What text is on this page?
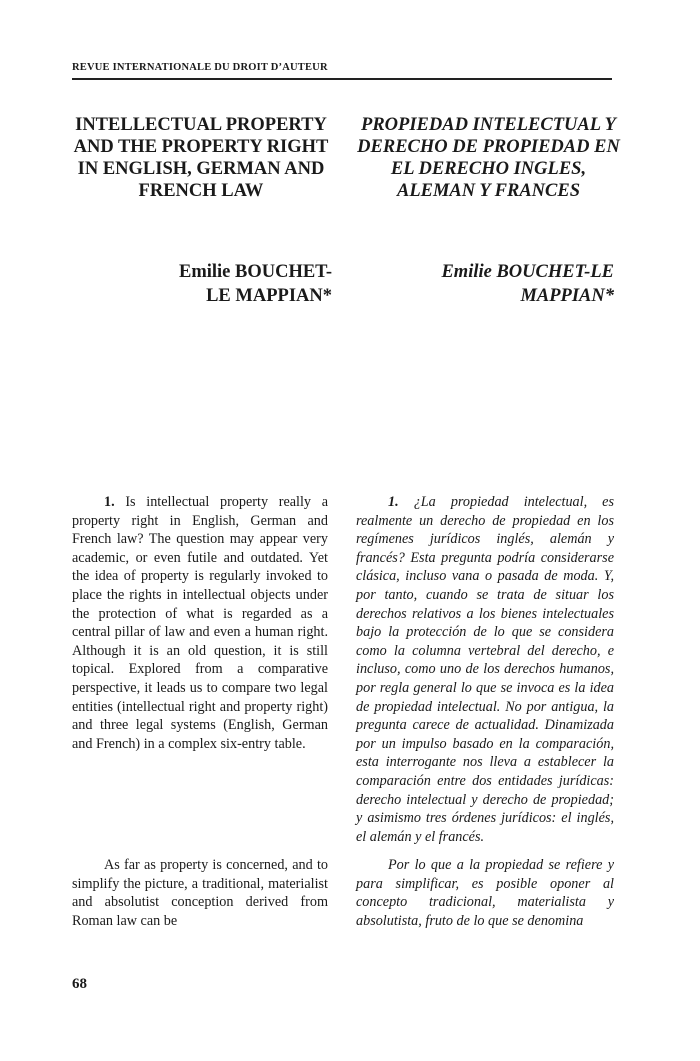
REVUE INTERNATIONALE DU DROIT D’AUTEUR
INTELLECTUAL PROPERTY AND THE PROPERTY RIGHT IN ENGLISH, GERMAN AND FRENCH LAW
PROPIEDAD INTELECTUAL Y DERECHO DE PROPIEDAD EN EL DERECHO INGLES, ALEMAN Y FRANCES
Emilie BOUCHET-
LE MAPPIAN*
Emilie BOUCHET-LE
MAPPIAN*

1. Is intellectual property really a property right in English, German and French law? The question may appear very academic, or even futile and outdated. Yet the idea of property is regularly invoked to place the rights in intellectual objects under the protection of what is regarded as a central pillar of law and even a human right. Although it is an old question, it is still topical. Explored from a comparative perspective, it leads us to compare two legal entities (intellectual right and property right) and three legal systems (English, German and French) in a complex six-entry table.

1. ¿La propiedad intelectual, es realmente un derecho de propiedad en los regímenes jurídicos inglés, alemán y francés? Esta pregunta podría considerarse clásica, incluso vana o pasada de moda. Y, por tanto, cuando se trata de situar los derechos relativos a los bienes intelectuales bajo la protección de lo que se considera como la columna vertebral del derecho, e incluso, como uno de los derechos humanos, por regla general lo que se invoca es la idea de propiedad intelectual. No por antigua, la pregunta carece de actualidad. Dinamizada por un impulso basado en la comparación, esta interrogante nos lleva a establecer la comparación entre dos entidades jurídicas: derecho intelectual y derecho de propiedad; y asimismo tres órdenes jurídicos: el inglés, el alemán y el francés.

As far as property is concerned, and to simplify the picture, a traditional, materialist and absolutist conception derived from Roman law can be

Por lo que a la propiedad se refiere y para simplificar, es posible oponer al concepto tradicional, materialista y absolutista, fruto de lo que se denomina

68
